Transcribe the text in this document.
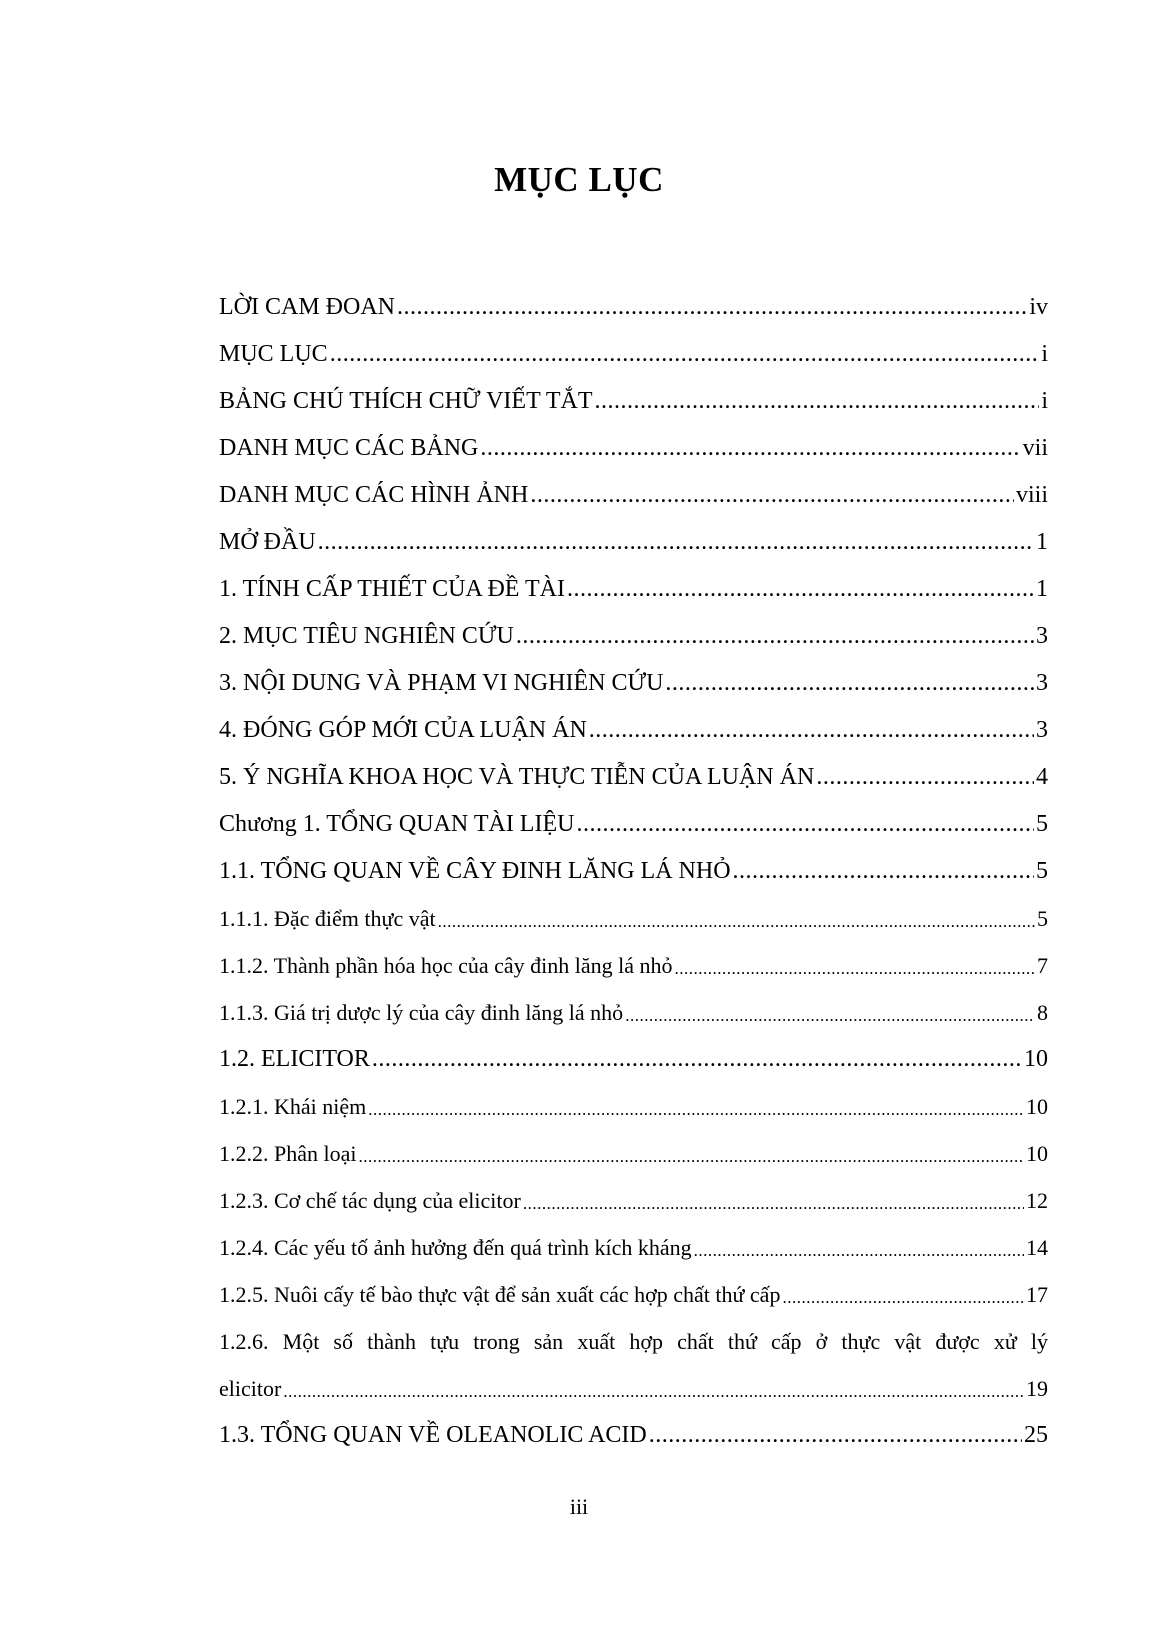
MỤC LỤC
LỜI CAM ĐOAN .....	iv
MỤC LỤC .....	i
BẢNG CHÚ THÍCH CHỮ VIẾT TẮT .....	i
DANH MỤC CÁC BẢNG .....	vii
DANH MỤC CÁC HÌNH ẢNH .....	viii
MỞ ĐẦU .....	1
1. TÍNH CẤP THIẾT CỦA ĐỀ TÀI .....	1
2. MỤC TIÊU NGHIÊN CỨU .....	3
3. NỘI DUNG VÀ PHẠM VI NGHIÊN CỨU .....	3
4. ĐÓNG GÓP MỚI CỦA LUẬN ÁN .....	3
5. Ý NGHĨA KHOA HỌC VÀ THỰC TIỄN CỦA LUẬN ÁN .....	4
Chương 1. TỔNG QUAN TÀI LIỆU .....	5
1.1. TỔNG QUAN VỀ CÂY ĐINH LĂNG LÁ NHỎ .....	5
1.1.1. Đặc điểm thực vật .....	5
1.1.2. Thành phần hóa học của cây đinh lăng lá nhỏ .....	7
1.1.3. Giá trị dược lý của cây đinh lăng lá nhỏ .....	8
1.2. ELICITOR .....	10
1.2.1. Khái niệm .....	10
1.2.2. Phân loại .....	10
1.2.3. Cơ chế tác dụng của elicitor .....	12
1.2.4. Các yếu tố ảnh hưởng đến quá trình kích kháng .....	14
1.2.5. Nuôi cấy tế bào thực vật để sản xuất các hợp chất thứ cấp .....	17
1.2.6. Một số thành tựu trong sản xuất hợp chất thứ cấp ở thực vật được xử lý
elicitor .....	19
1.3. TỔNG QUAN VỀ OLEANOLIC ACID .....	25
iii
